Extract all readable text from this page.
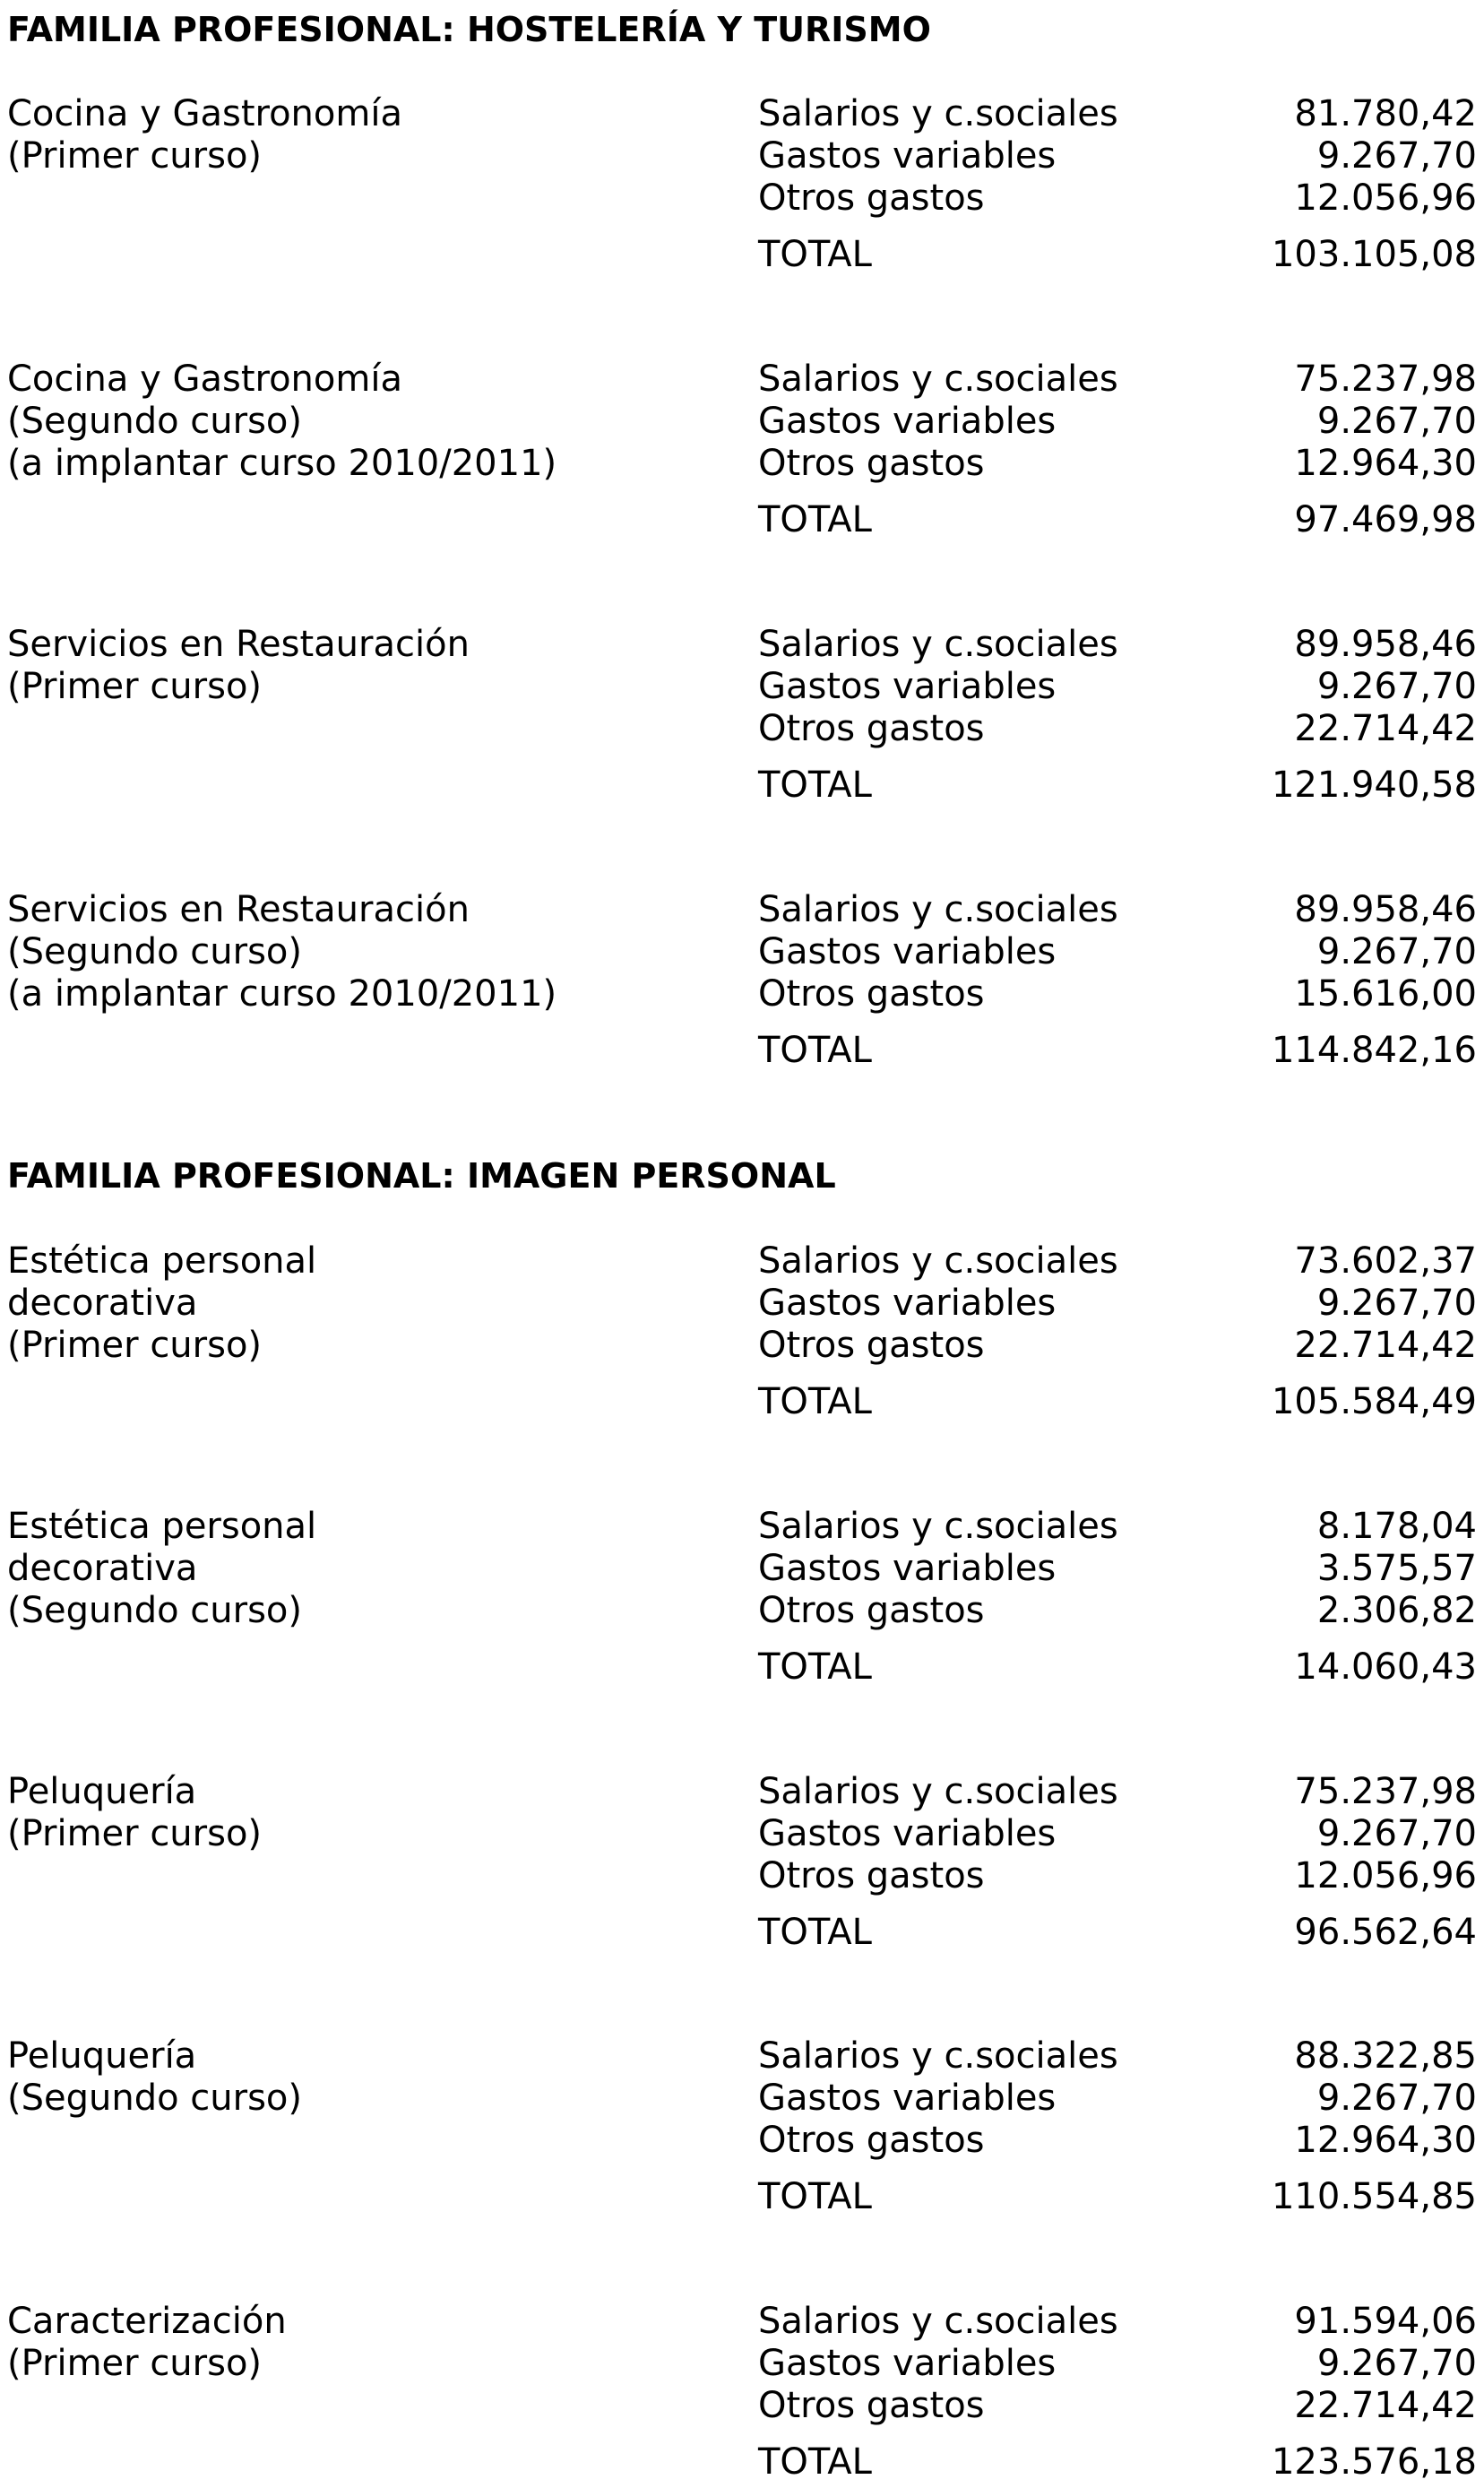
FAMILIA PROFESIONAL: HOSTELERÍA Y TURISMO
Cocina y Gastronomía
(Primer curso)
Salarios y c.sociales	81.780,42
Gastos variables	9.267,70
Otros gastos	12.056,96
TOTAL	103.105,08
Cocina y Gastronomía
(Segundo curso)
(a implantar curso 2010/2011)
Salarios y c.sociales	75.237,98
Gastos variables	9.267,70
Otros gastos	12.964,30
TOTAL	97.469,98
Servicios en Restauración
(Primer curso)
Salarios y c.sociales	89.958,46
Gastos variables	9.267,70
Otros gastos	22.714,42
TOTAL	121.940,58
Servicios en Restauración
(Segundo curso)
(a implantar curso 2010/2011)
Salarios y c.sociales	89.958,46
Gastos variables	9.267,70
Otros gastos	15.616,00
TOTAL	114.842,16
FAMILIA PROFESIONAL: IMAGEN PERSONAL
Estética personal
decorativa
(Primer curso)
Salarios y c.sociales	73.602,37
Gastos variables	9.267,70
Otros gastos	22.714,42
TOTAL	105.584,49
Estética personal
decorativa
(Segundo curso)
Salarios y c.sociales	8.178,04
Gastos variables	3.575,57
Otros gastos	2.306,82
TOTAL	14.060,43
Peluquería
(Primer curso)
Salarios y c.sociales	75.237,98
Gastos variables	9.267,70
Otros gastos	12.056,96
TOTAL	96.562,64
Peluquería
(Segundo curso)
Salarios y c.sociales	88.322,85
Gastos variables	9.267,70
Otros gastos	12.964,30
TOTAL	110.554,85
Caracterización
(Primer curso)
Salarios y c.sociales	91.594,06
Gastos variables	9.267,70
Otros gastos	22.714,42
TOTAL	123.576,18
